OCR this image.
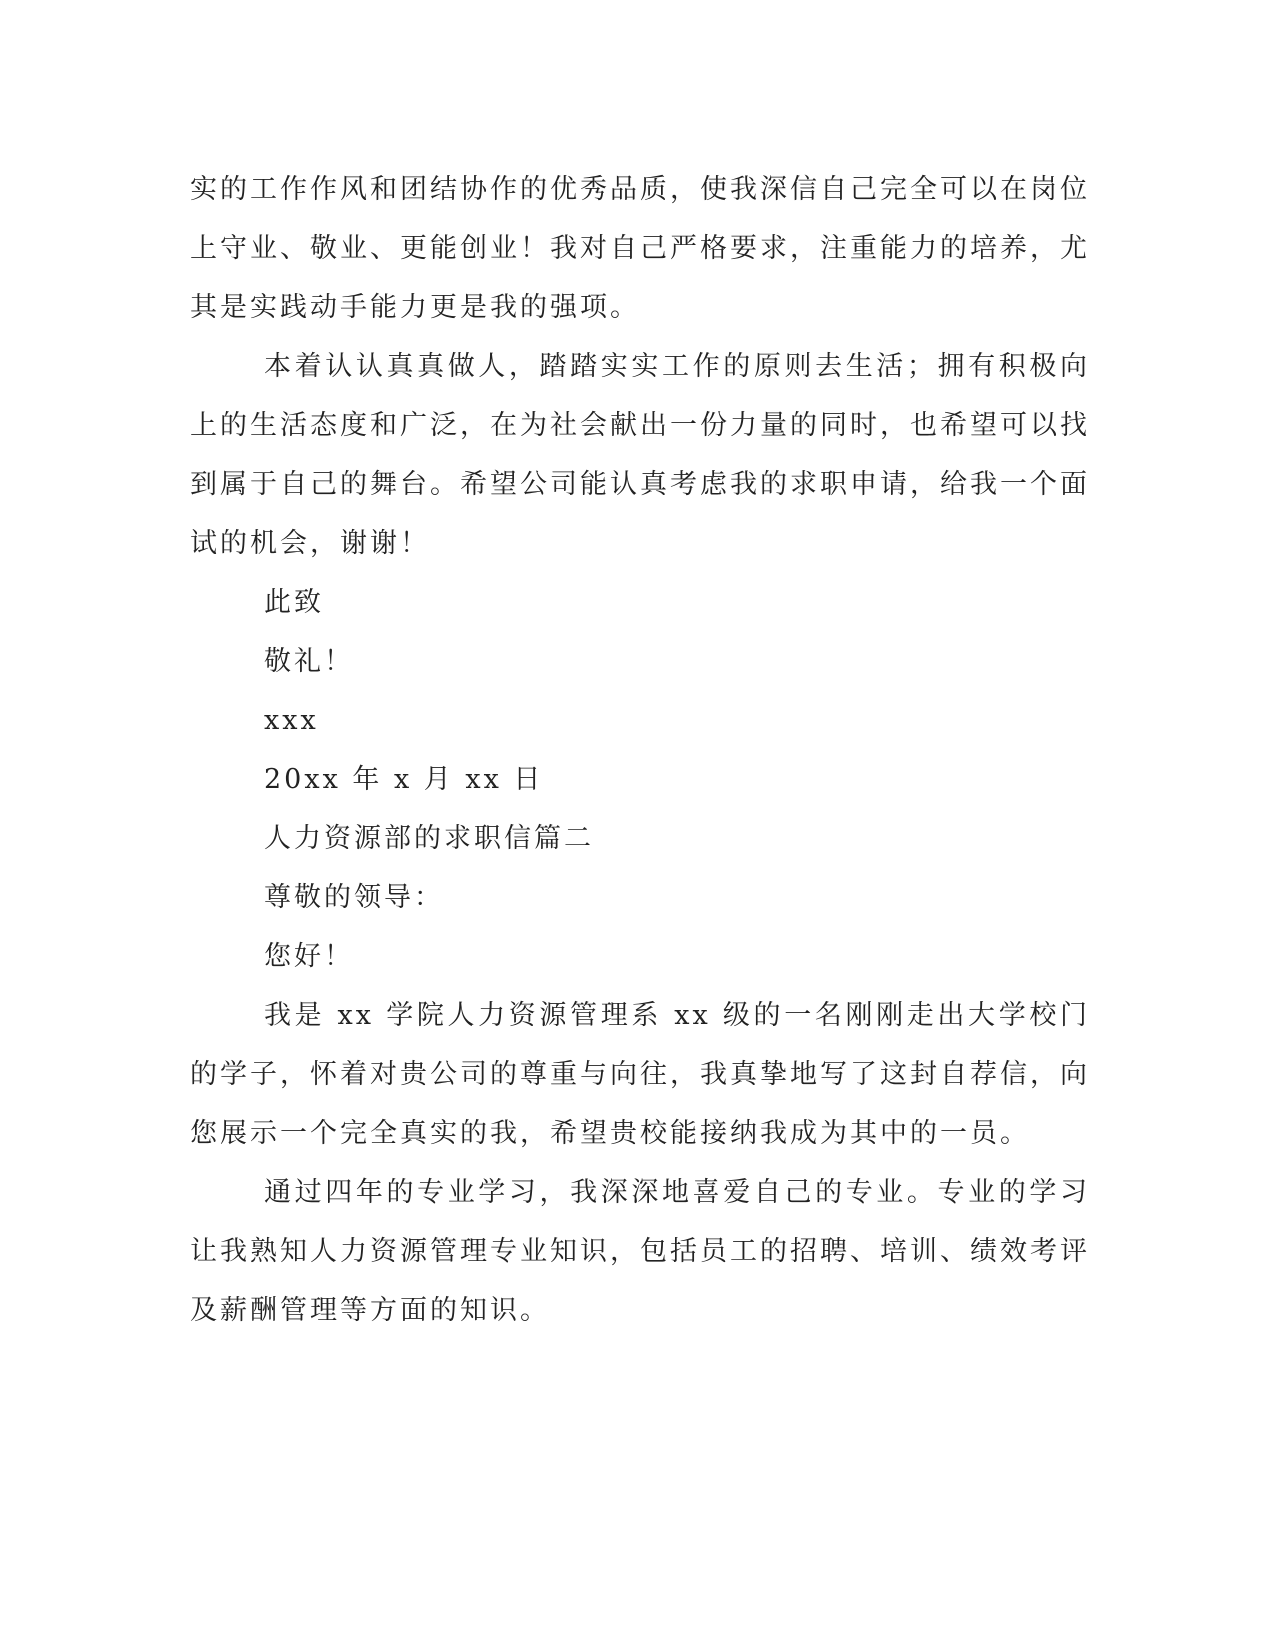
实的工作作风和团结协作的优秀品质，使我深信自己完全可以在岗位上守业、敬业、更能创业！我对自己严格要求，注重能力的培养，尤其是实践动手能力更是我的强项。

本着认认真真做人，踏踏实实工作的原则去生活；拥有积极向上的生活态度和广泛，在为社会献出一份力量的同时，也希望可以找到属于自己的舞台。希望公司能认真考虑我的求职申请，给我一个面试的机会，谢谢！

此致

敬礼！

xxx

20xx 年 x 月 xx 日

人力资源部的求职信篇二

尊敬的领导：

您好！

我是 xx 学院人力资源管理系 xx 级的一名刚刚走出大学校门的学子，怀着对贵公司的尊重与向往，我真挚地写了这封自荐信，向您展示一个完全真实的我，希望贵校能接纳我成为其中的一员。

通过四年的专业学习，我深深地喜爱自己的专业。专业的学习让我熟知人力资源管理专业知识，包括员工的招聘、培训、绩效考评及薪酬管理等方面的知识。
